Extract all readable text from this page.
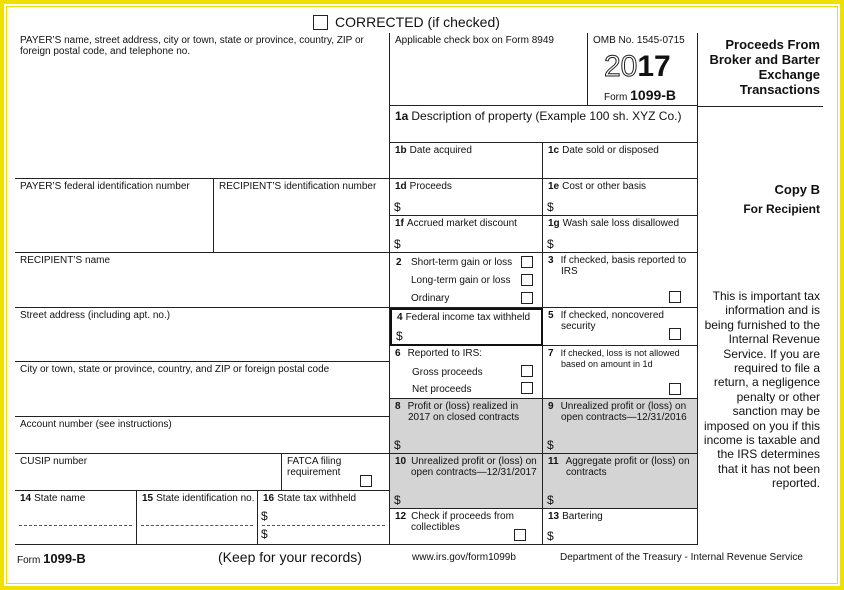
CORRECTED (if checked)
PAYER’S name, street address, city or town, state or province, country, ZIP or foreign postal code, and telephone no.
PAYER’S federal identification number	RECIPIENT’S identification number
RECIPIENT’S name
Street address (including apt. no.)
City or town, state or province, country, and ZIP or foreign postal code
Account number (see instructions)
CUSIP number	FATCA filing requirement
14 State name	15 State identification no. 16 State tax withheld
$
$
Applicable check box on Form 8949	OMB No. 1545-0715
2017
Form 1099-B
1a Description of property (Example 100 sh. XYZ Co.)
1b Date acquired	1c Date sold or disposed
1d Proceeds
$
1e Cost or other basis
$
1f Accrued market discount
$
1g Wash sale loss disallowed
$
2 Short-term gain or loss
Long-term gain or loss
Ordinary
3 If checked, basis reported to IRS
4 Federal income tax withheld
$
5 If checked, noncovered security
6 Reported to IRS:
Gross proceeds
Net proceeds
7 If checked, loss is not allowed based on amount in 1d
8 Profit or (loss) realized in 2017 on closed contracts
$
9 Unrealized profit or (loss) on open contracts—12/31/2016
$
10 Unrealized profit or (loss) on open contracts—12/31/2017
$
11 Aggregate profit or (loss) on contracts
$
12 Check if proceeds from collectibles
13 Bartering
$
Proceeds From Broker and Barter Exchange Transactions
Copy B
For Recipient
This is important tax information and is being furnished to the Internal Revenue Service. If you are required to file a return, a negligence penalty or other sanction may be imposed on you if this income is taxable and the IRS determines that it has not been reported.
Form 1099-B	(Keep for your records)	www.irs.gov/form1099b	Department of the Treasury - Internal Revenue Service
